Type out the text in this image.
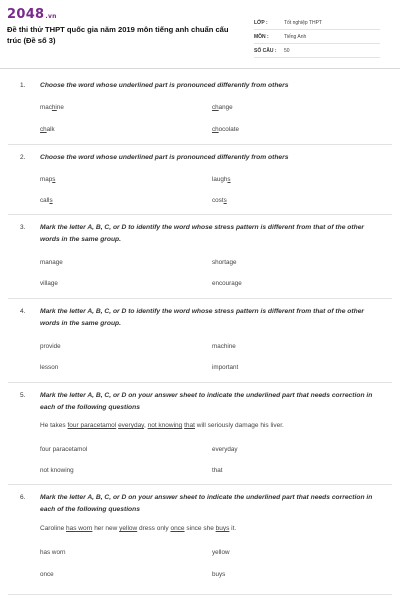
2048.vn
Đề thi thử THPT quốc gia năm 2019 môn tiếng anh chuẩn cấu trúc (Đề số 3)
LỚP :	Tốt nghiệp THPT
MÔN :	Tiếng Anh
SỐ CÂU :	50
1. Choose the word whose underlined part is pronounced differently from others
machine	change
chalk	chocolate
2. Choose the word whose underlined part is pronounced differently from others
maps	laughs
calls	costs
3. Mark the letter A, B, C, or D to identify the word whose stress pattern is different from that of the other words in the same group.
manage	shortage
village	encourage
4. Mark the letter A, B, C, or D to identify the word whose stress pattern is different from that of the other words in the same group.
provide	machine
lesson	important
5. Mark the letter A, B, C, or D on your answer sheet to indicate the underlined part that needs correction in each of the following questions
He takes four paracetamol everyday, not knowing that will seriously damage his liver.
four paracetamol	everyday
not knowing	that
6. Mark the letter A, B, C, or D on your answer sheet to indicate the underlined part that needs correction in each of the following questions
Caroline has worn her new yellow dress only once since she buys it.
has worn	yellow
once	buys
